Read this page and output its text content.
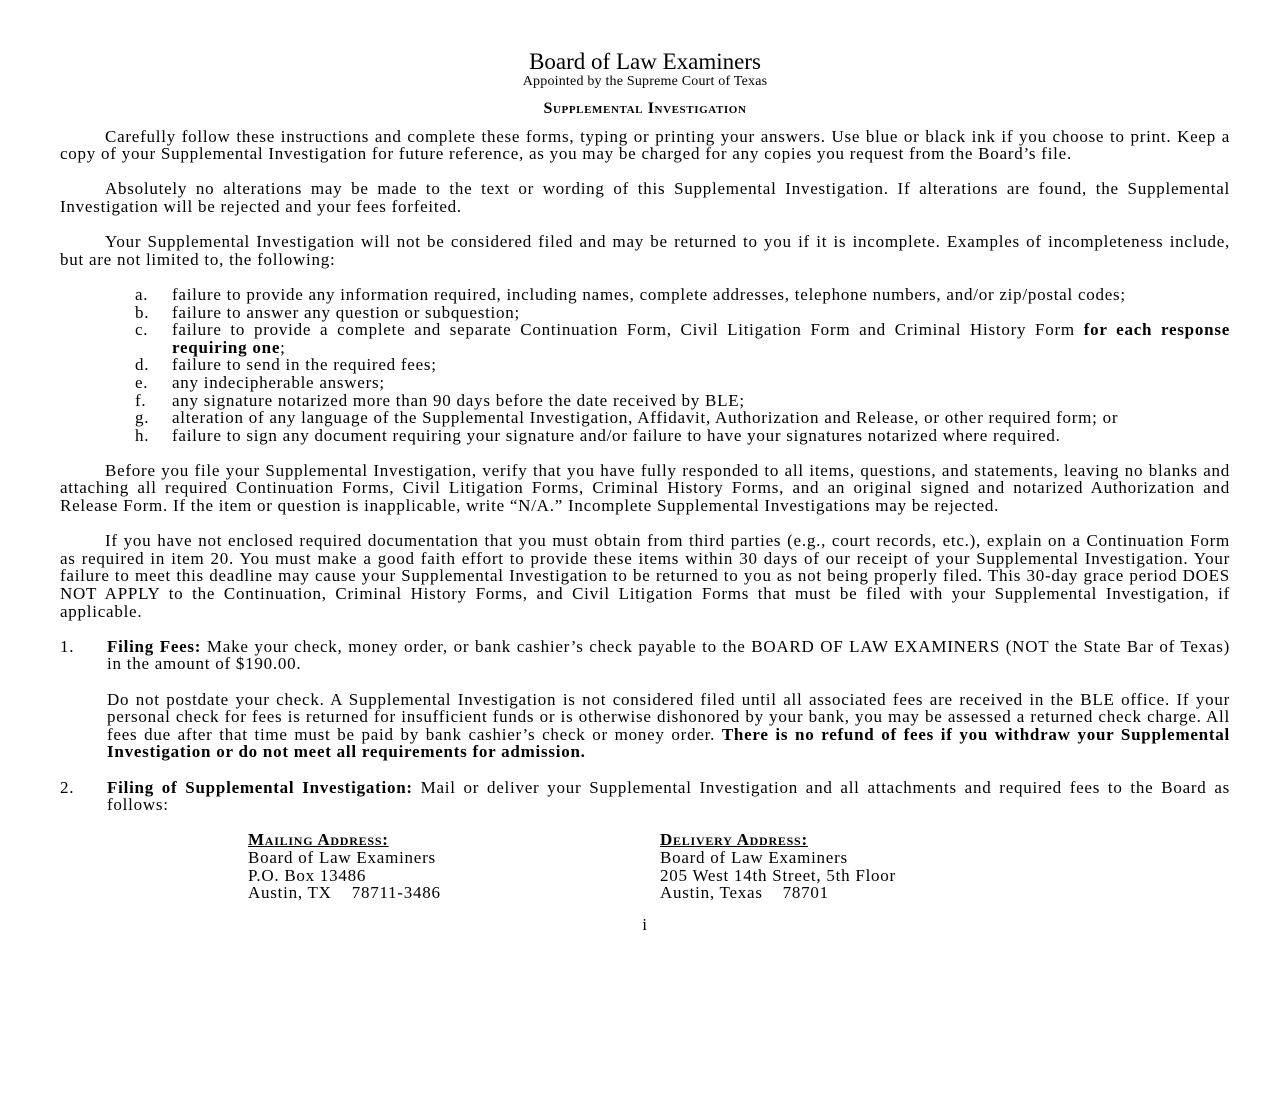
Board of Law Examiners
Appointed by the Supreme Court of Texas
Supplemental Investigation

Carefully follow these instructions and complete these forms, typing or printing your answers. Use blue or black ink if you choose to print. Keep a copy of your Supplemental Investigation for future reference, as you may be charged for any copies you request from the Board’s file.

Absolutely no alterations may be made to the text or wording of this Supplemental Investigation. If alterations are found, the Supplemental Investigation will be rejected and your fees forfeited.

Your Supplemental Investigation will not be considered filed and may be returned to you if it is incomplete. Examples of incompleteness include, but are not limited to, the following:

a. failure to provide any information required, including names, complete addresses, telephone numbers, and/or zip/postal codes;
b. failure to answer any question or subquestion;
c. failure to provide a complete and separate Continuation Form, Civil Litigation Form and Criminal History Form for each response requiring one;
d. failure to send in the required fees;
e. any indecipherable answers;
f. any signature notarized more than 90 days before the date received by BLE;
g. alteration of any language of the Supplemental Investigation, Affidavit, Authorization and Release, or other required form; or
h. failure to sign any document requiring your signature and/or failure to have your signatures notarized where required.

Before you file your Supplemental Investigation, verify that you have fully responded to all items, questions, and statements, leaving no blanks and attaching all required Continuation Forms, Civil Litigation Forms, Criminal History Forms, and an original signed and notarized Authorization and Release Form. If the item or question is inapplicable, write “N/A.” Incomplete Supplemental Investigations may be rejected.

If you have not enclosed required documentation that you must obtain from third parties (e.g., court records, etc.), explain on a Continuation Form as required in item 20. You must make a good faith effort to provide these items within 30 days of our receipt of your Supplemental Investigation. Your failure to meet this deadline may cause your Supplemental Investigation to be returned to you as not being properly filed. This 30-day grace period DOES NOT APPLY to the Continuation, Criminal History Forms, and Civil Litigation Forms that must be filed with your Supplemental Investigation, if applicable.

1. Filing Fees: Make your check, money order, or bank cashier’s check payable to the BOARD OF LAW EXAMINERS (NOT the State Bar of Texas) in the amount of $190.00.

Do not postdate your check. A Supplemental Investigation is not considered filed until all associated fees are received in the BLE office. If your personal check for fees is returned for insufficient funds or is otherwise dishonored by your bank, you may be assessed a returned check charge. All fees due after that time must be paid by bank cashier’s check or money order. There is no refund of fees if you withdraw your Supplemental Investigation or do not meet all requirements for admission.

2. Filing of Supplemental Investigation: Mail or deliver your Supplemental Investigation and all attachments and required fees to the Board as follows:

Mailing Address:
Board of Law Examiners
P.O. Box 13486
Austin, TX    78711-3486
Delivery Address:
Board of Law Examiners
205 West 14th Street, 5th Floor
Austin, Texas    78701
i
